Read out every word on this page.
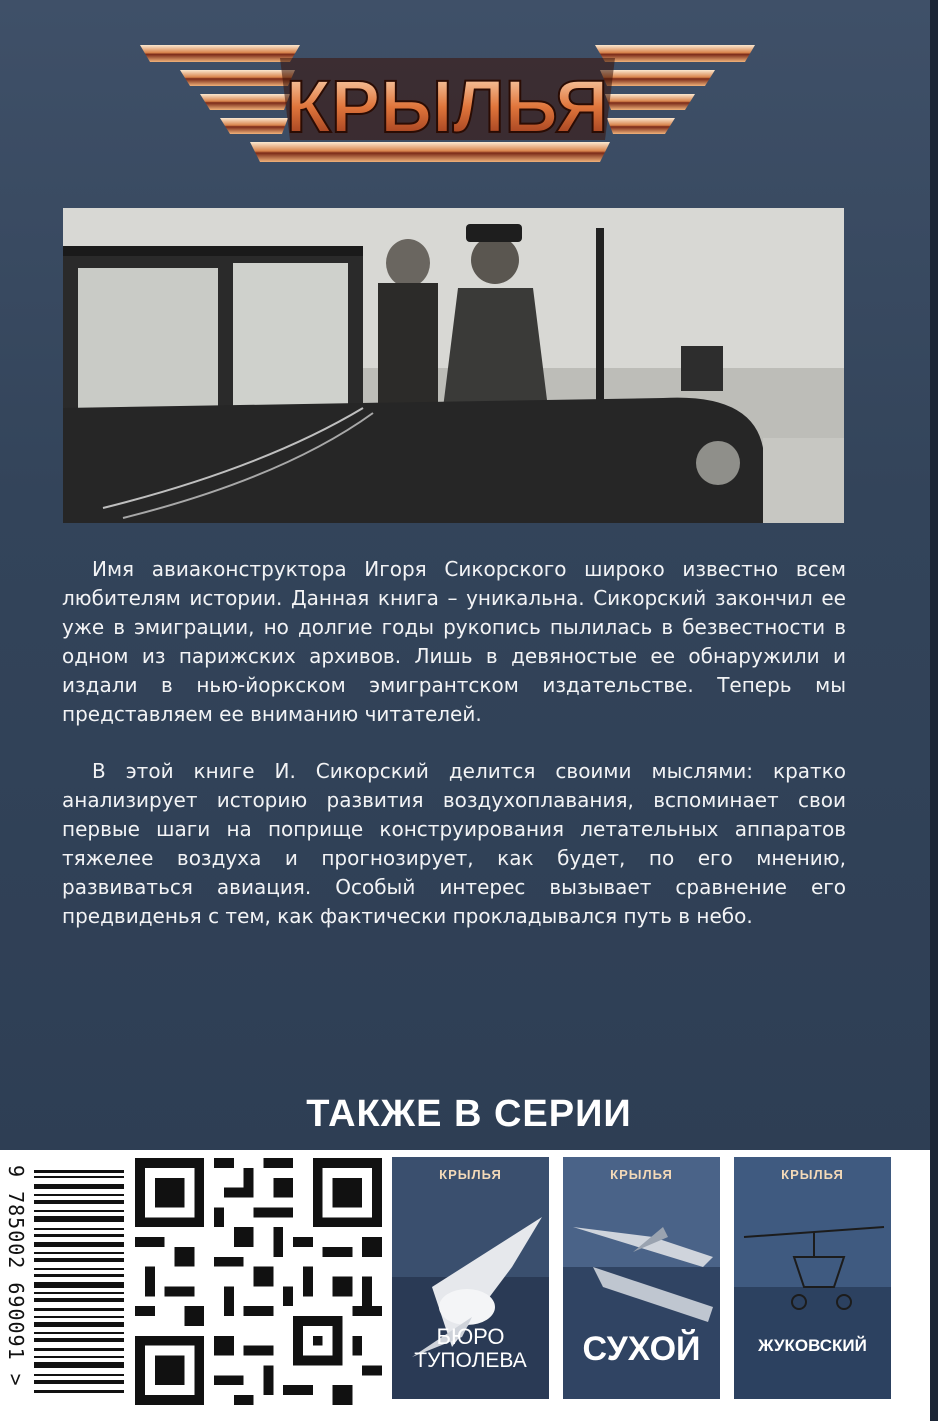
КРЫЛЬЯ

Имя авиаконструктора Игоря Сикорского широко известно всем любителям истории. Данная книга – уникальна. Сикорский закончил ее уже в эмиграции, но долгие годы рукопись пылилась в безвестности в одном из парижских архивов. Лишь в девяностые ее обнаружили и издали в нью-йоркском эмигрантском издательстве. Теперь мы представляем ее вниманию читателей.

В этой книге И. Сикорский делится своими мыслями: кратко анализирует историю развития воздухоплавания, вспоминает свои первые шаги на поприще конструирования летательных аппаратов тяжелее воздуха и прогнозирует, как будет, по его мнению, развиваться авиация. Особый интерес вызывает сравнение его предвиденья с тем, как фактически прокладывался путь в небо.

ТАКЖЕ В СЕРИИ
9 785002 690091 >	КРЫЛЬЯ
БЮРО
ТУПОЛЕВА
КРЫЛЬЯ
СУХОЙ
КРЫЛЬЯ
ЖУКОВСКИЙ
